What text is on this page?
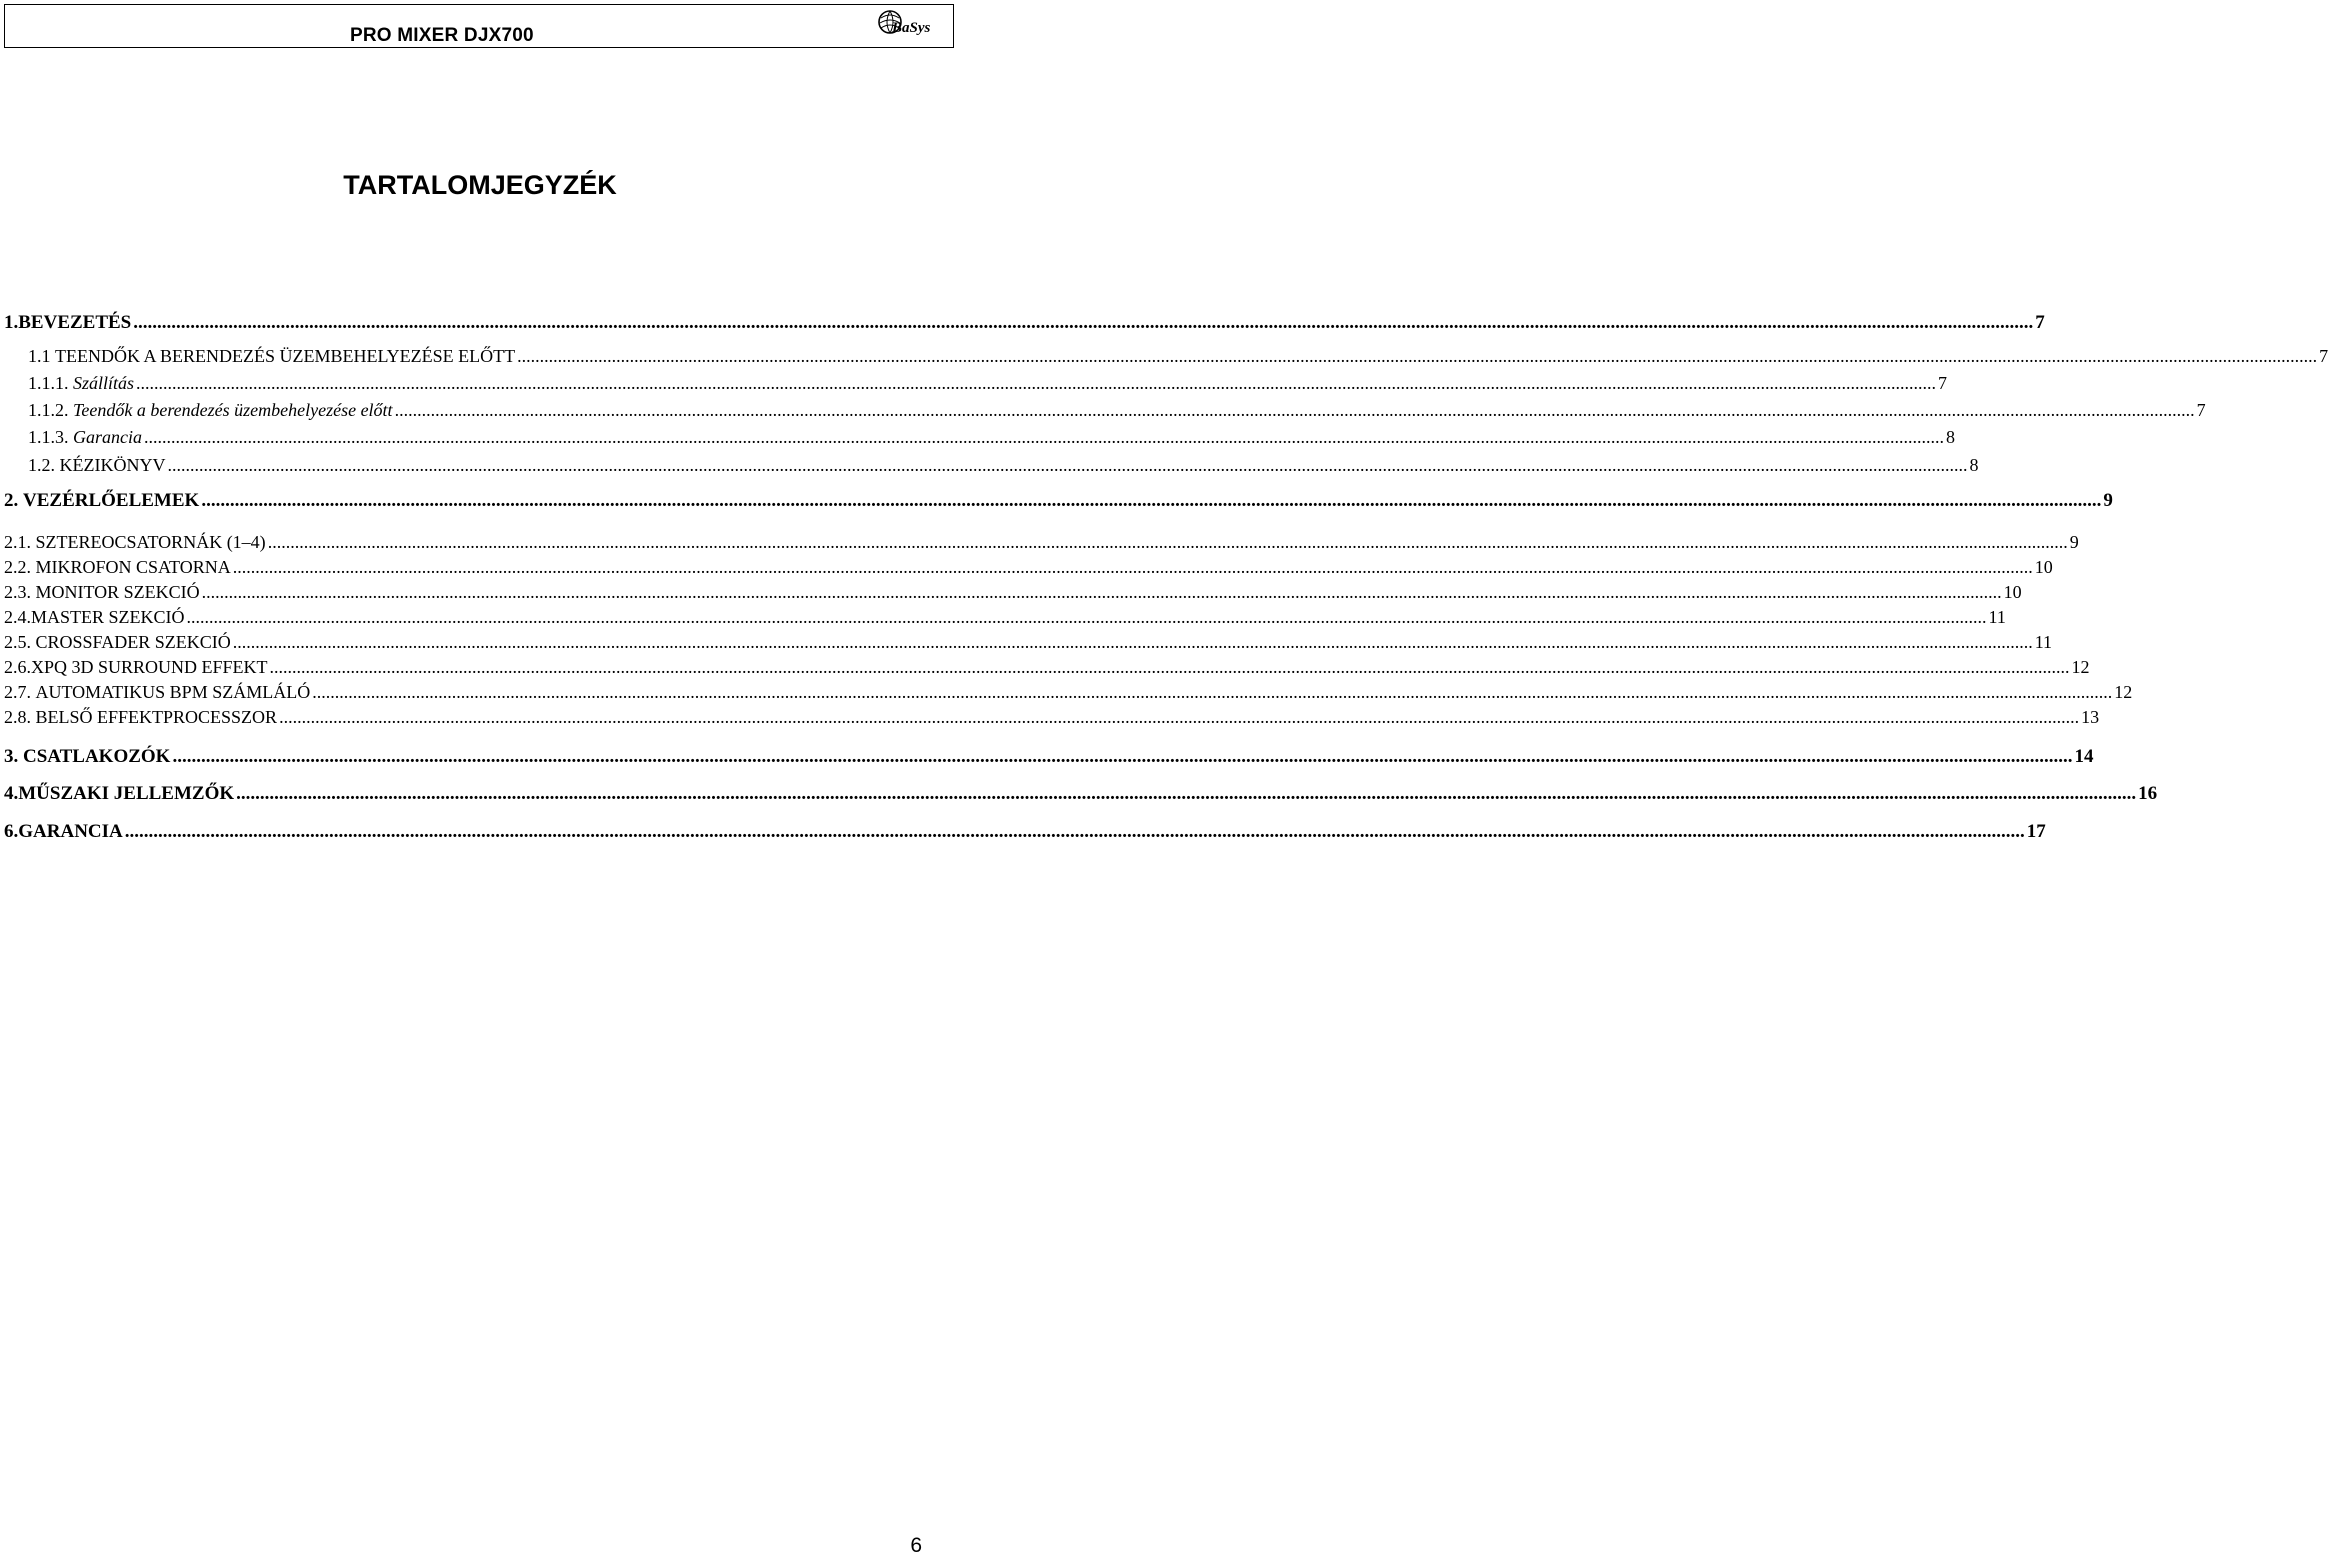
PRO MIXER DJX700	BaSys
TARTALOMJEGYZÉK
1. BEVEZETÉS ................................................................................................................................................................................................................................................................................................................................................................................................................ 7
1.1 TEENDŐK A BERENDEZÉS ÜZEMBEHELYEZÉSE ELŐTT ................................................................................................................................................................................................................................................................................................................................................................................................................ 7
1.1.1. Szállítás ................................................................................................................................................................................................................................................................................................................................................................................................................ 7
1.1.2. Teendők a berendezés üzembehelyezése előtt ................................................................................................................................................................................................................................................................................................................................................................................................................ 7
1.1.3. Garancia ................................................................................................................................................................................................................................................................................................................................................................................................................ 8
1.2. KÉZIKÖNYV ................................................................................................................................................................................................................................................................................................................................................................................................................ 8
2. VEZÉRLŐELEMEK ................................................................................................................................................................................................................................................................................................................................................................................................................ 9
2.1. SZTEREOCSATORNÁK (1–4) ................................................................................................................................................................................................................................................................................................................................................................................................................ 9
2.2. MIKROFON CSATORNA ................................................................................................................................................................................................................................................................................................................................................................................................................ 10
2.3. MONITOR SZEKCIÓ ................................................................................................................................................................................................................................................................................................................................................................................................................ 10
2.4. MASTER SZEKCIÓ ................................................................................................................................................................................................................................................................................................................................................................................................................ 11
2.5. CROSSFADER SZEKCIÓ ................................................................................................................................................................................................................................................................................................................................................................................................................ 11
2.6. XPQ 3D SURROUND EFFEKT ................................................................................................................................................................................................................................................................................................................................................................................................................ 12
2.7. AUTOMATIKUS BPM SZÁMLÁLÓ ................................................................................................................................................................................................................................................................................................................................................................................................................ 12
2.8. BELSŐ EFFEKTPROCESSZOR ................................................................................................................................................................................................................................................................................................................................................................................................................ 13
3. CSATLAKOZÓK ................................................................................................................................................................................................................................................................................................................................................................................................................ 14
4. MŰSZAKI JELLEMZŐK ................................................................................................................................................................................................................................................................................................................................................................................................................ 16
6. GARANCIA ................................................................................................................................................................................................................................................................................................................................................................................................................ 17
6
